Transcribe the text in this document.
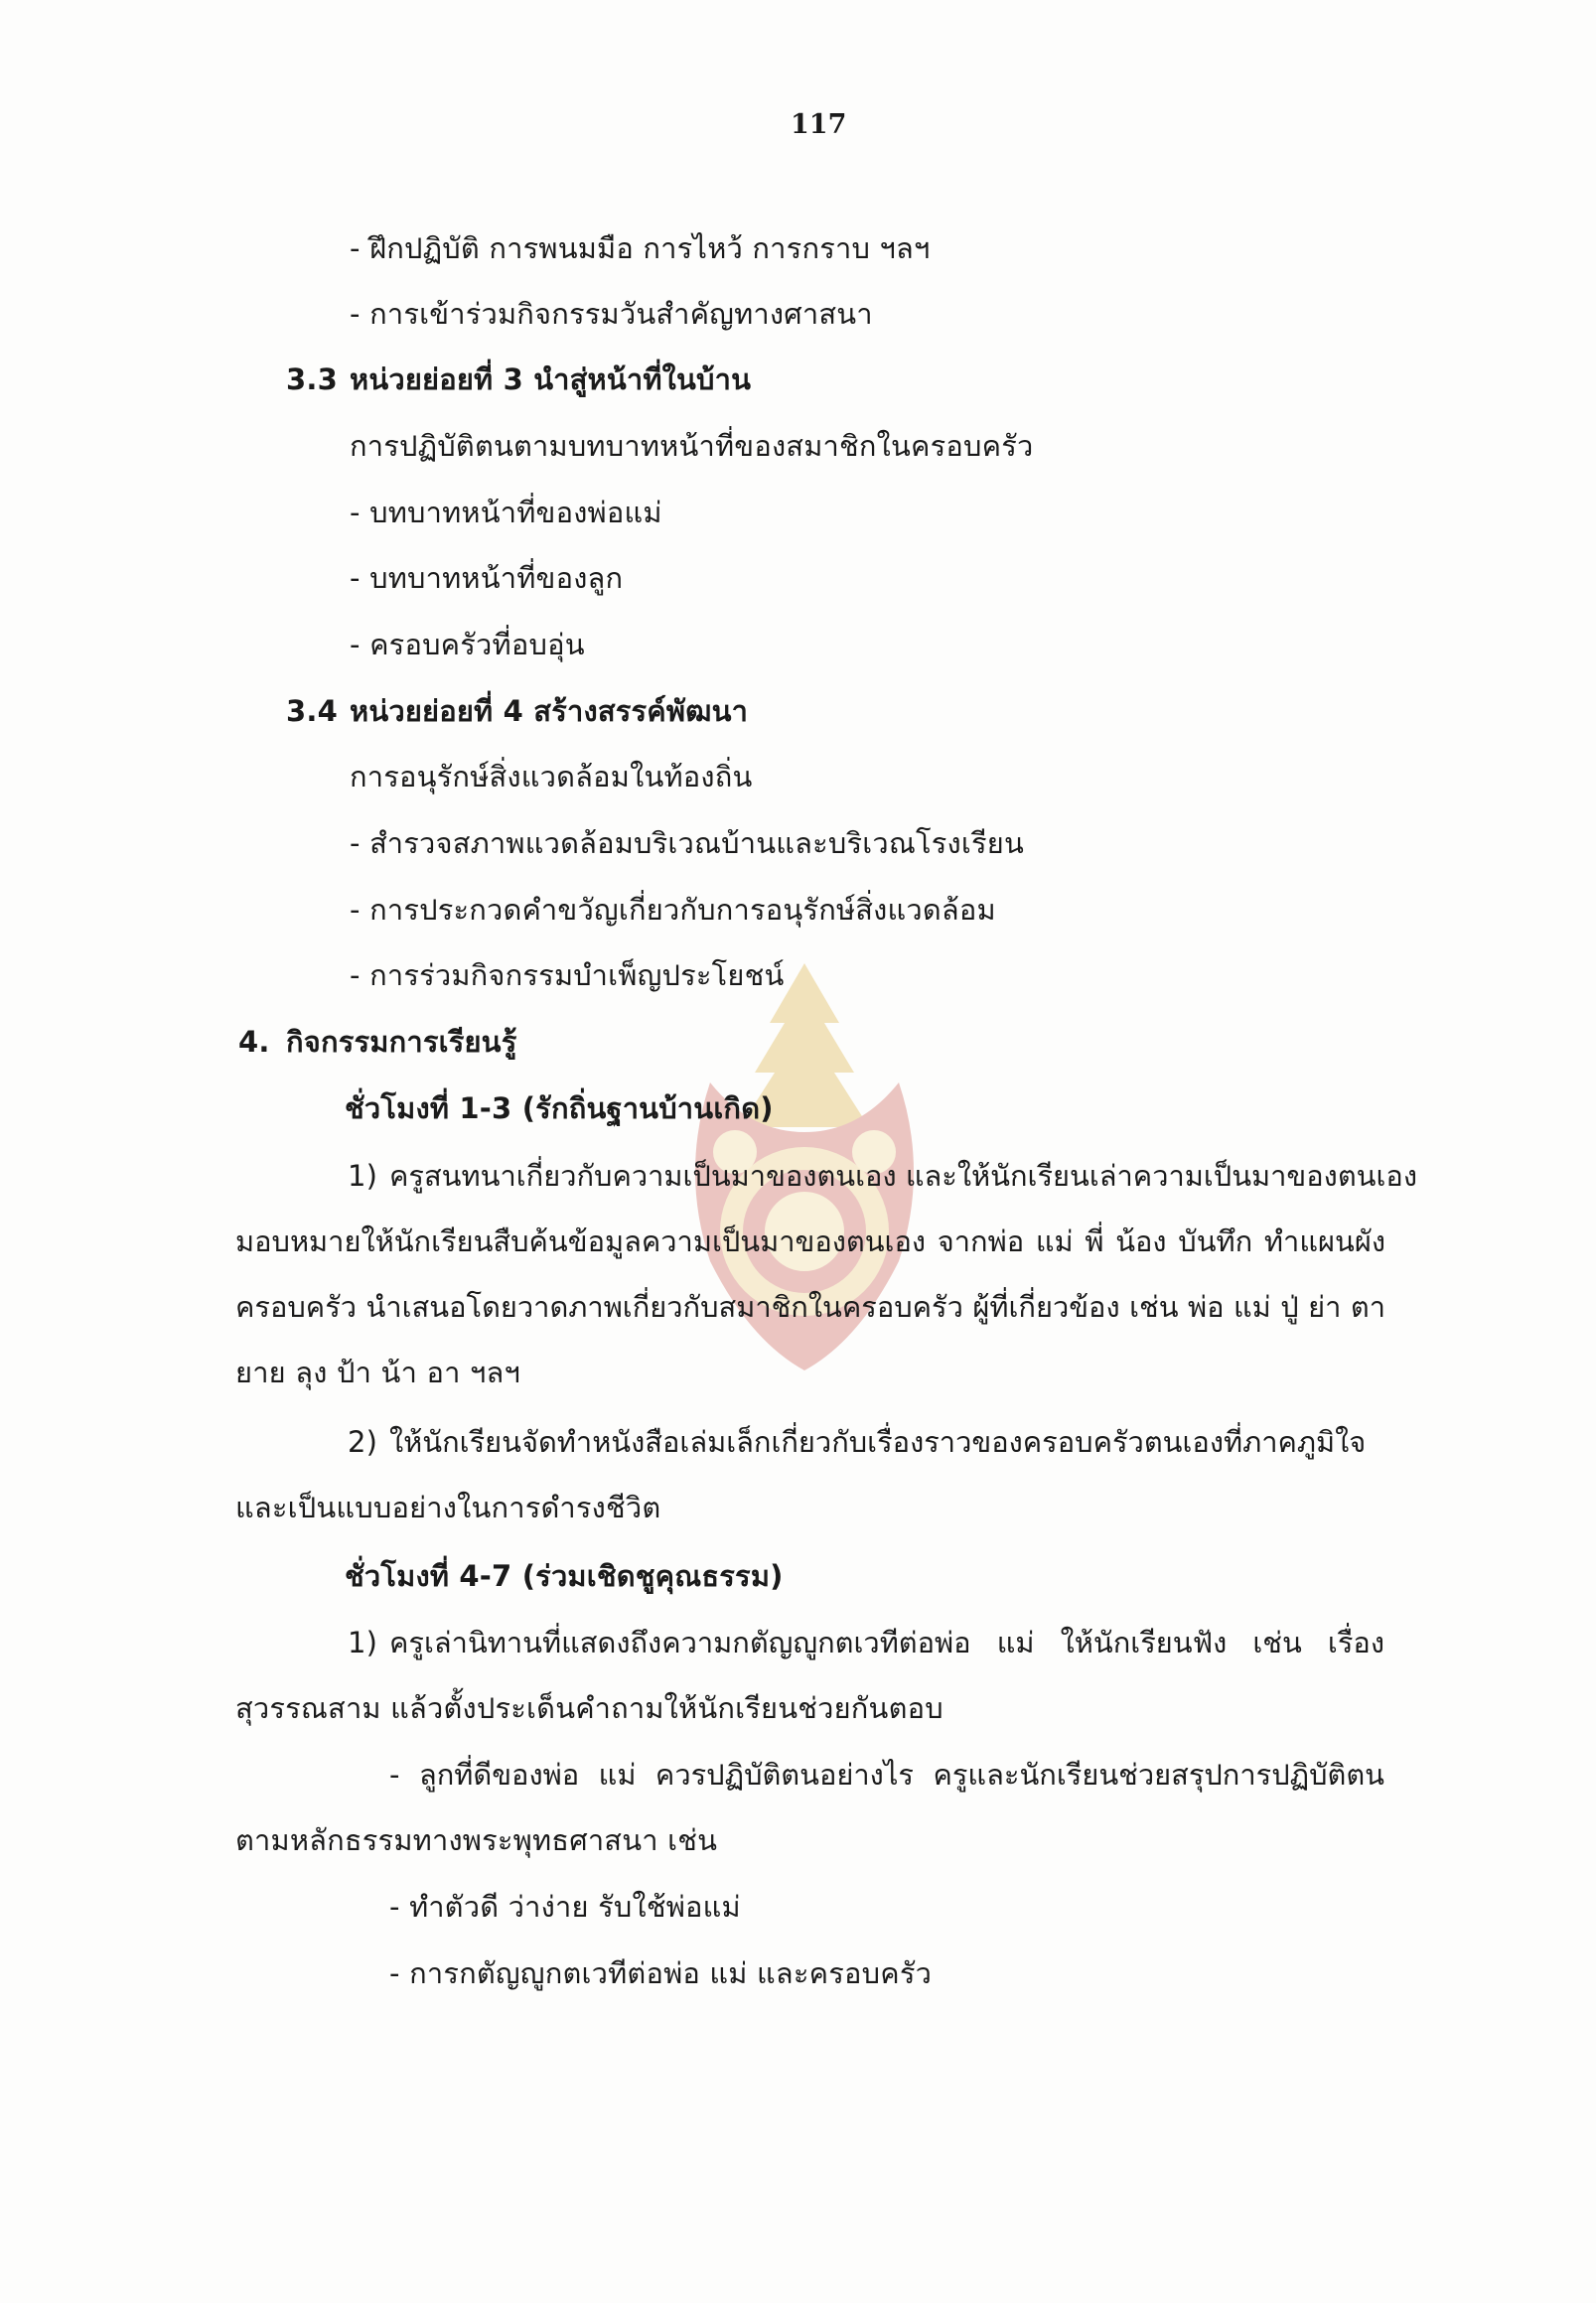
117
- ฝึกปฏิบัติ การพนมมือ การไหว้ การกราบ ฯลฯ
- การเข้าร่วมกิจกรรมวันสำคัญทางศาสนา
3.3 หน่วยย่อยที่ 3 นำสู่หน้าที่ในบ้าน
การปฏิบัติตนตามบทบาทหน้าที่ของสมาชิกในครอบครัว
- บทบาทหน้าที่ของพ่อแม่
- บทบาทหน้าที่ของลูก
- ครอบครัวที่อบอุ่น
3.4 หน่วยย่อยที่ 4 สร้างสรรค์พัฒนา
การอนุรักษ์สิ่งแวดล้อมในท้องถิ่น
- สำรวจสภาพแวดล้อมบริเวณบ้านและบริเวณโรงเรียน
- การประกวดคำขวัญเกี่ยวกับการอนุรักษ์สิ่งแวดล้อม
- การร่วมกิจกรรมบำเพ็ญประโยชน์
4. กิจกรรมการเรียนรู้
ชั่วโมงที่ 1-3 (รักถิ่นฐานบ้านเกิด)
1) ครูสนทนาเกี่ยวกับความเป็นมาของตนเอง และให้นักเรียนเล่าความเป็นมาของตนเอง
มอบหมายให้นักเรียนสืบค้นข้อมูลความเป็นมาของตนเอง จากพ่อ แม่ พี่ น้อง บันทึก ทำแผนผัง
ครอบครัว นำเสนอโดยวาดภาพเกี่ยวกับสมาชิกในครอบครัว ผู้ที่เกี่ยวข้อง เช่น พ่อ แม่ ปู่ ย่า ตา
ยาย ลุง ป้า น้า อา ฯลฯ
2) ให้นักเรียนจัดทำหนังสือเล่มเล็กเกี่ยวกับเรื่องราวของครอบครัวตนเองที่ภาคภูมิใจ
และเป็นแบบอย่างในการดำรงชีวิต
ชั่วโมงที่ 4-7 (ร่วมเชิดชูคุณธรรม)
1) ครูเล่านิทานที่แสดงถึงความกตัญญูกตเวทีต่อพ่อ แม่ ให้นักเรียนฟัง เช่น เรื่อง
สุวรรณสาม แล้วตั้งประเด็นคำถามให้นักเรียนช่วยกันตอบ
- ลูกที่ดีของพ่อ แม่ ควรปฏิบัติตนอย่างไร ครูและนักเรียนช่วยสรุปการปฏิบัติตน
ตามหลักธรรมทางพระพุทธศาสนา เช่น
- ทำตัวดี ว่าง่าย รับใช้พ่อแม่
- การกตัญญูกตเวทีต่อพ่อ แม่ และครอบครัว
